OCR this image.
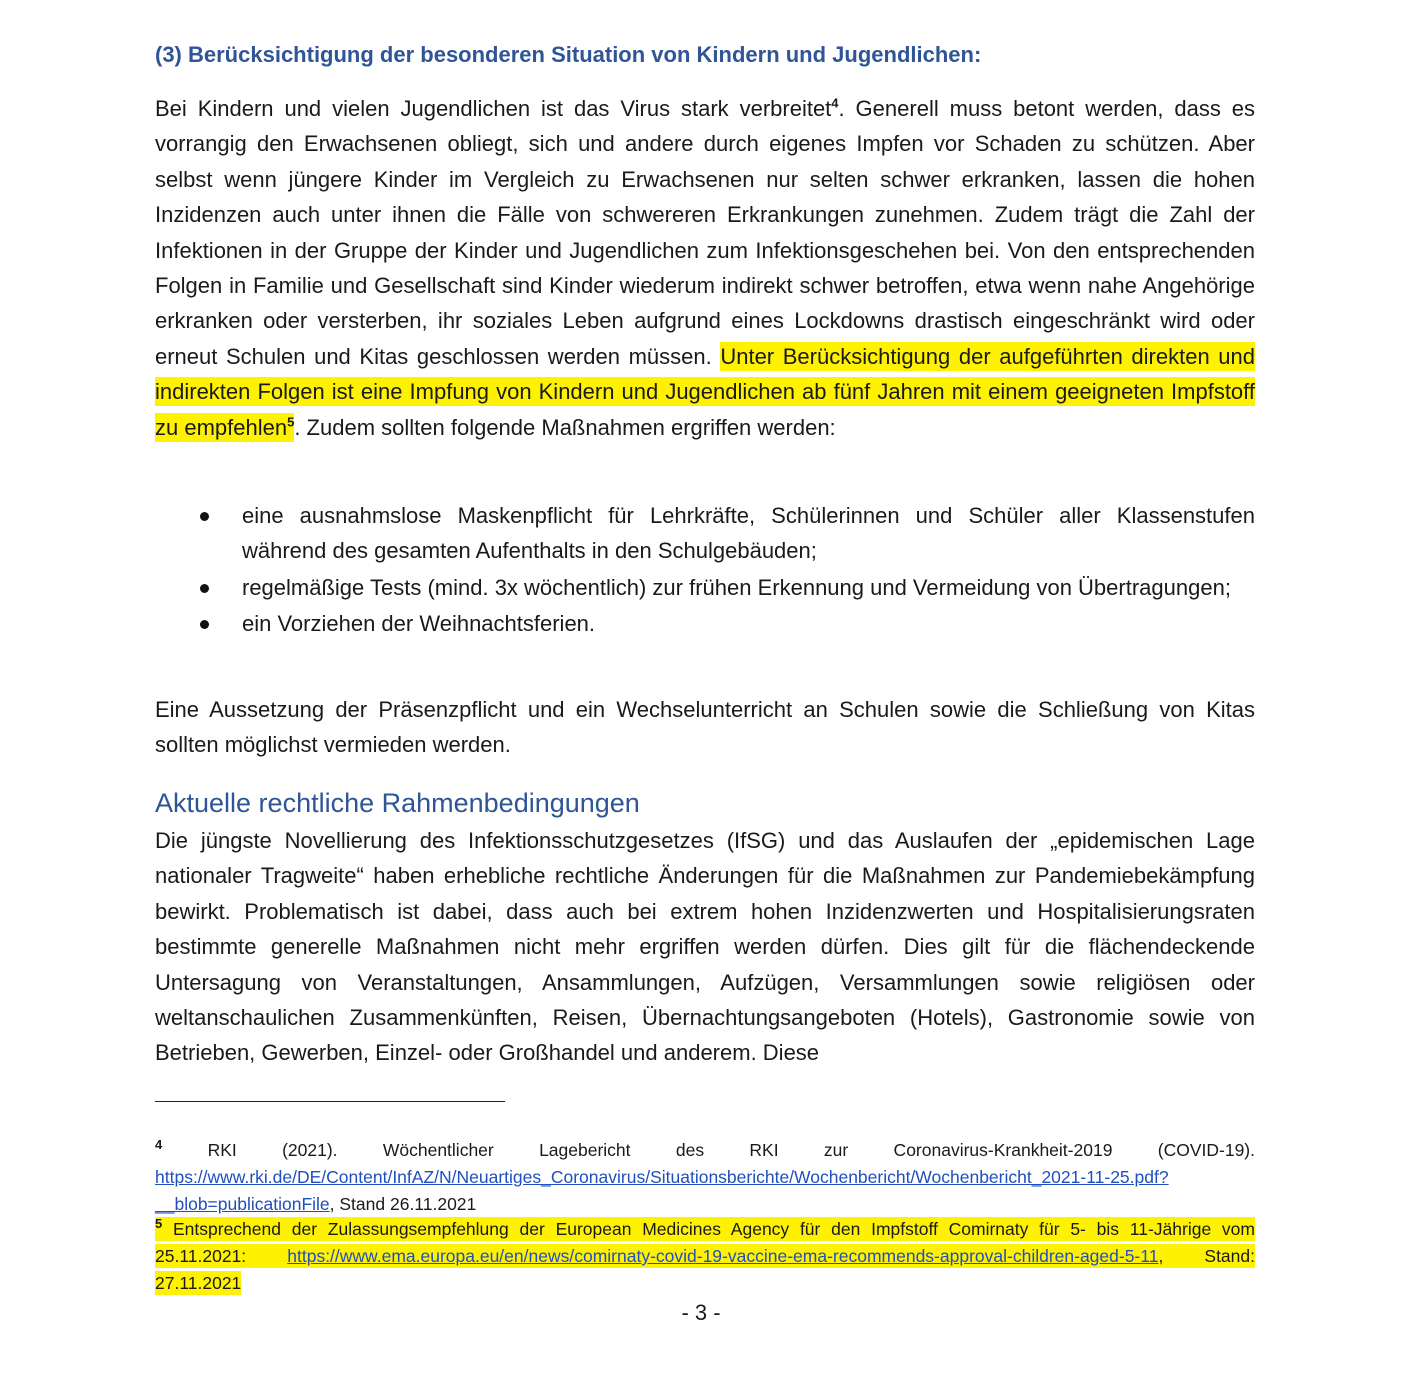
(3) Berücksichtigung der besonderen Situation von Kindern und Jugendlichen:

Bei Kindern und vielen Jugendlichen ist das Virus stark verbreitet$^4$. Generell muss betont werden, dass es vorrangig den Erwachsenen obliegt, sich und andere durch eigenes Impfen vor Schaden zu schützen. Aber selbst wenn jüngere Kinder im Vergleich zu Erwachsenen nur selten schwer erkranken, lassen die hohen Inzidenzen auch unter ihnen die Fälle von schwereren Erkrankungen zunehmen. Zudem trägt die Zahl der Infektionen in der Gruppe der Kinder und Jugendlichen zum Infektionsgeschehen bei. Von den entsprechenden Folgen in Familie und Gesellschaft sind Kinder wiederum indirekt schwer betroffen, etwa wenn nahe Angehörige erkranken oder versterben, ihr soziales Leben aufgrund eines Lockdowns drastisch eingeschränkt wird oder erneut Schulen und Kitas geschlossen werden müssen. Unter Berücksichtigung der aufgeführten direkten und indirekten Folgen ist eine Impfung von Kindern und Jugendlichen ab fünf Jahren mit einem geeigneten Impfstoff zu empfehlen$^5$. Zudem sollten folgende Maßnahmen ergriffen werden:

eine ausnahmslose Maskenpflicht für Lehrkräfte, Schülerinnen und Schüler aller Klassenstufen während des gesamten Aufenthalts in den Schulgebäuden;
regelmäßige Tests (mind. 3x wöchentlich) zur frühen Erkennung und Vermeidung von Übertragungen;
ein Vorziehen der Weihnachtsferien.

Eine Aussetzung der Präsenzpflicht und ein Wechselunterricht an Schulen sowie die Schließung von Kitas sollten möglichst vermieden werden.

Aktuelle rechtliche Rahmenbedingungen

Die jüngste Novellierung des Infektionsschutzgesetzes (IfSG) und das Auslaufen der „epidemischen Lage nationaler Tragweite“ haben erhebliche rechtliche Änderungen für die Maßnahmen zur Pandemiebekämpfung bewirkt. Problematisch ist dabei, dass auch bei extrem hohen Inzidenzwerten und Hospitalisierungsraten bestimmte generelle Maßnahmen nicht mehr ergriffen werden dürfen. Dies gilt für die flächendeckende Untersagung von Veranstaltungen, Ansammlungen, Aufzügen, Versammlungen sowie religiösen oder weltanschaulichen Zusammenkünften, Reisen, Übernachtungsangeboten (Hotels), Gastronomie sowie von Betrieben, Gewerben, Einzel- oder Großhandel und anderem. Diese

$^4$ RKI (2021). Wöchentlicher Lagebericht des RKI zur Coronavirus-Krankheit-2019 (COVID-19). https://www.rki.de/DE/Content/InfAZ/N/Neuartiges_Coronavirus/Situationsberichte/Wochenbericht/Wochenbericht_2021-11-25.pdf?__blob=publicationFile, Stand 26.11.2021

$^5$ Entsprechend der Zulassungsempfehlung der European Medicines Agency für den Impfstoff Comirnaty für 5- bis 11-Jährige vom 25.11.2021: https://www.ema.europa.eu/en/news/comirnaty-covid-19-vaccine-ema-recommends-approval-children-aged-5-11, Stand: 27.11.2021

- 3 -
